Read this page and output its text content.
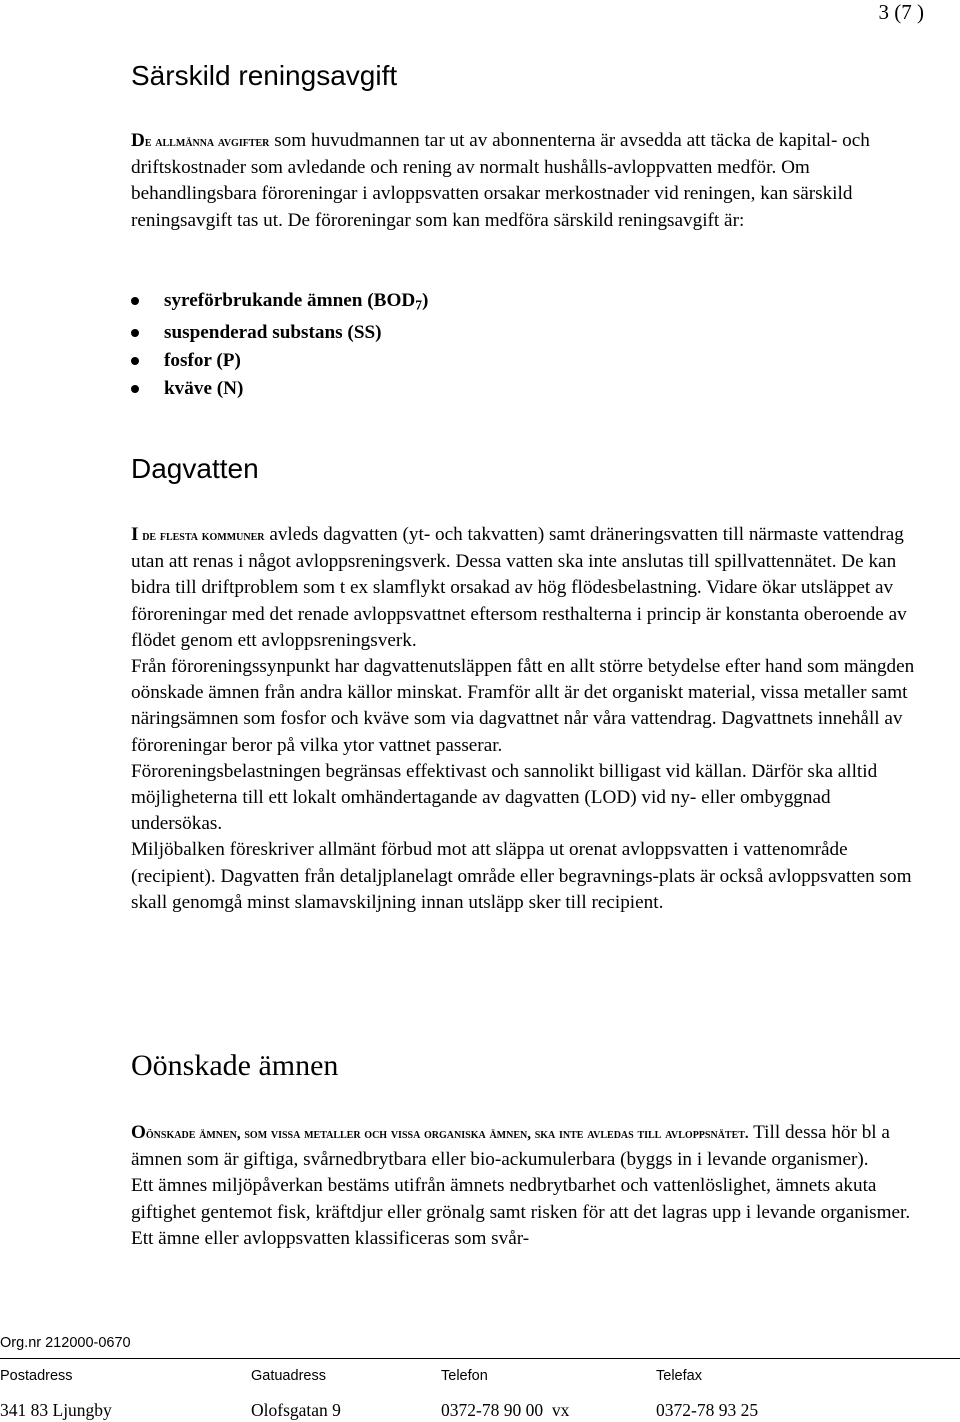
3 (7 )
Särskild reningsavgift

De allmänna avgifter som huvudmannen tar ut av abonnenterna är avsedda att täcka de kapital- och driftskostnader som avledande och rening av normalt hushålls-avloppvatten medför. Om behandlingsbara föroreningar i avloppsvatten orsakar merkostnader vid reningen, kan särskild reningsavgift tas ut. De föroreningar som kan medföra särskild reningsavgift är:

syreförbrukande ämnen $(BOD_7)$
suspenderad substans (SS)
fosfor (P)
kväve (N)
Dagvatten
I de flesta kommuner avleds dagvatten (yt- och takvatten) samt dräneringsvatten till närmaste vattendrag utan att renas i något avloppsreningsverk. Dessa vatten ska inte anslutas till spillvattennätet. De kan bidra till driftproblem som t ex slamflykt orsakad av hög flödesbelastning. Vidare ökar utsläppet av föroreningar med det renade avloppsvattnet eftersom resthalterna i princip är konstanta oberoende av flödet genom ett avloppsreningsverk.
Från föroreningssynpunkt har dagvattenutsläppen fått en allt större betydelse efter hand som mängden oönskade ämnen från andra källor minskat. Framför allt är det organiskt material, vissa metaller samt näringsämnen som fosfor och kväve som via dagvattnet når våra vattendrag. Dagvattnets innehåll av föroreningar beror på vilka ytor vattnet passerar.
Föroreningsbelastningen begränsas effektivast och sannolikt billigast vid källan. Därför ska alltid möjligheterna till ett lokalt omhändertagande av dagvatten (LOD) vid ny- eller ombyggnad undersökas.
Miljöbalken föreskriver allmänt förbud mot att släppa ut orenat avloppsvatten i vattenområde (recipient). Dagvatten från detaljplanelagt område eller begravnings-plats är också avloppsvatten som skall genomgå minst slamavskiljning innan utsläpp sker till recipient.
Oönskade ämnen
Oönskade ämnen, som vissa metaller och vissa organiska ämnen, ska inte avledas till avloppsnätet. Till dessa hör bl a ämnen som är giftiga, svårnedbrytbara eller bio-ackumulerbara (byggs in i levande organismer).
Ett ämnes miljöpåverkan bestäms utifrån ämnets nedbrytbarhet och vattenlöslighet, ämnets akuta giftighet gentemot fisk, kräftdjur eller grönalg samt risken för att det lagras upp i levande organismer. Ett ämne eller avloppsvatten klassificeras som svår-
Org.nr 212000-0670
Postadress	Gatuadress	Telefon	Telefax
341 83 Ljungby	Olofsgatan 9	0372-78 90 00  vx	0372-78 93 25
